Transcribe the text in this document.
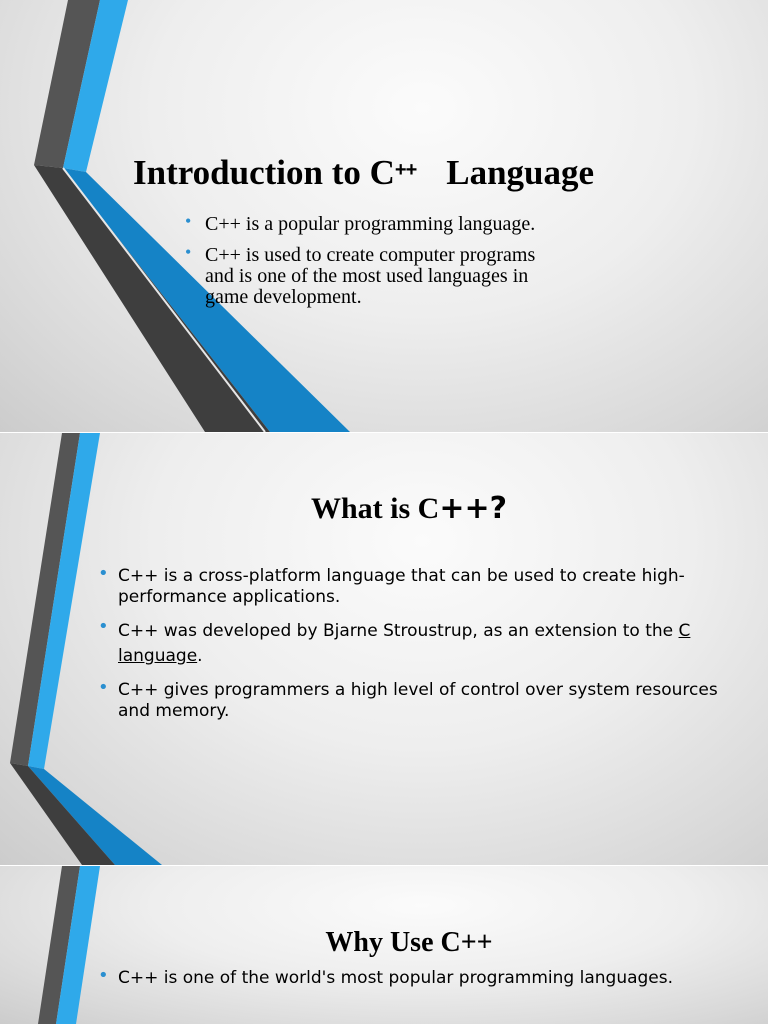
Introduction to C++ Language
• C++ is a popular programming language.
• C++ is used to create computer programs and is one of the most used languages in game development.
What is C++?
• C++ is a cross-platform language that can be used to create high-performance applications.
• C++ was developed by Bjarne Stroustrup, as an extension to the C language.
• C++ gives programmers a high level of control over system resources and memory.
Why Use C++
• C++ is one of the world's most popular programming languages.
